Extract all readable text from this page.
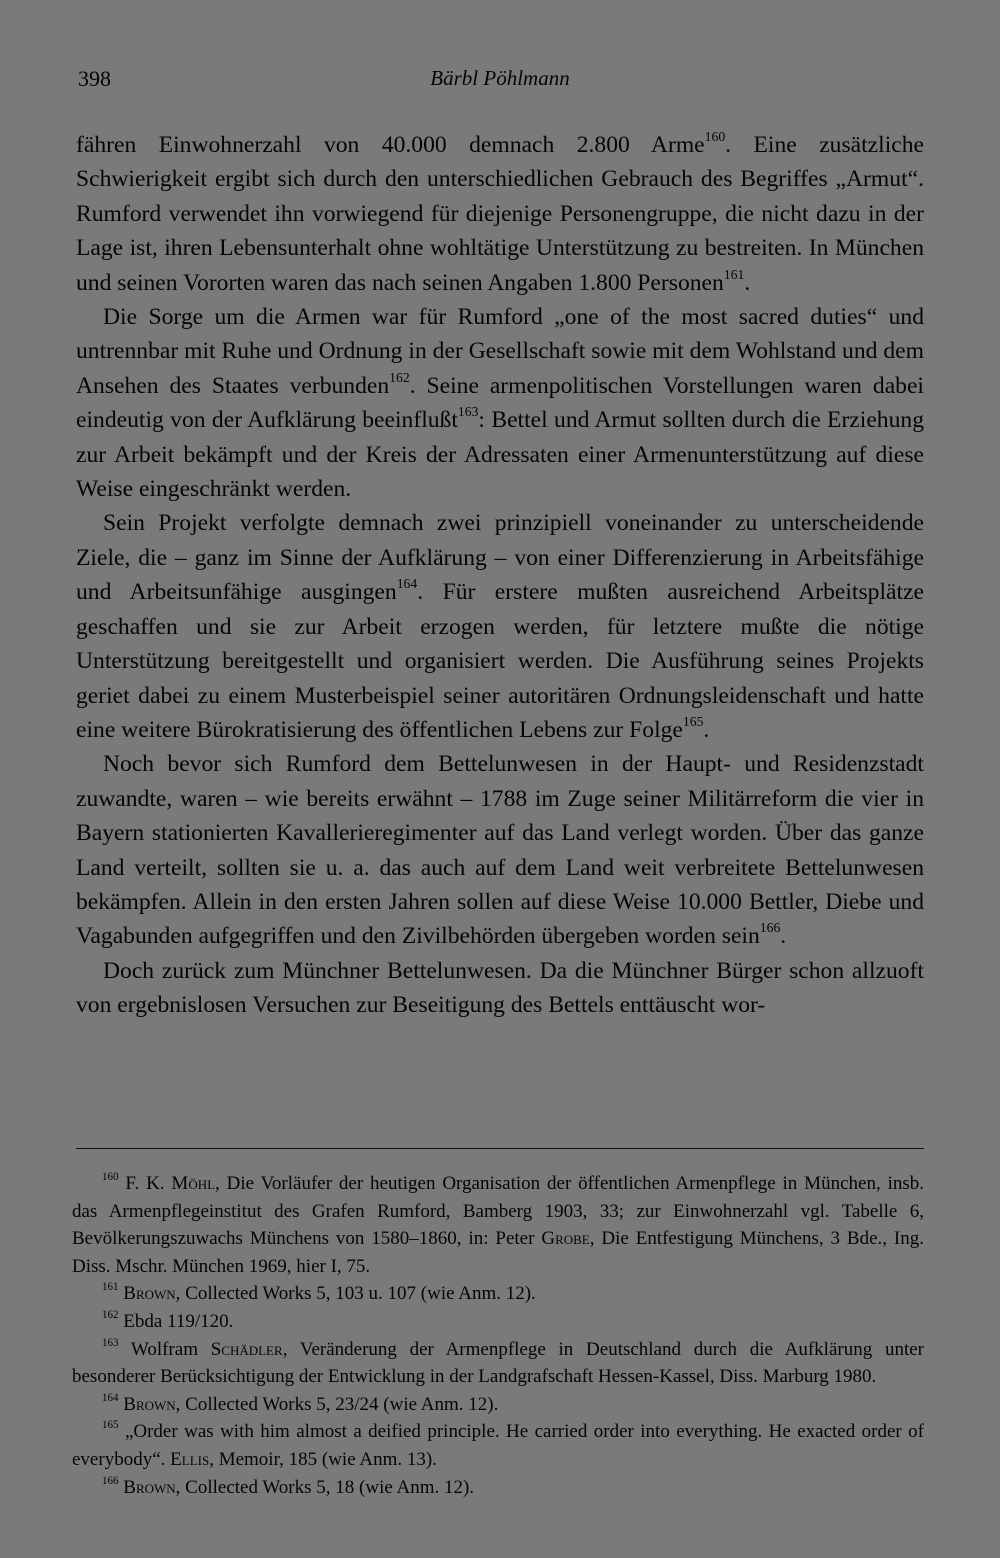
398	Bärbl Pöhlmann

fähren Einwohnerzahl von 40.000 demnach 2.800 Arme$^{160}$. Eine zusätzliche Schwierigkeit ergibt sich durch den unterschiedlichen Gebrauch des Begriffes „Armut“. Rumford verwendet ihn vorwiegend für diejenige Personengruppe, die nicht dazu in der Lage ist, ihren Lebensunterhalt ohne wohltätige Unterstützung zu bestreiten. In München und seinen Vororten waren das nach seinen Angaben 1.800 Personen$^{161}$.

Die Sorge um die Armen war für Rumford „one of the most sacred duties“ und untrennbar mit Ruhe und Ordnung in der Gesellschaft sowie mit dem Wohlstand und dem Ansehen des Staates verbunden$^{162}$. Seine armenpolitischen Vorstellungen waren dabei eindeutig von der Aufklärung beeinflußt$^{163}$: Bettel und Armut sollten durch die Erziehung zur Arbeit bekämpft und der Kreis der Adressaten einer Armenunterstützung auf diese Weise eingeschränkt werden.

Sein Projekt verfolgte demnach zwei prinzipiell voneinander zu unterscheidende Ziele, die – ganz im Sinne der Aufklärung – von einer Differenzierung in Arbeitsfähige und Arbeitsunfähige ausgingen$^{164}$. Für erstere mußten ausreichend Arbeitsplätze geschaffen und sie zur Arbeit erzogen werden, für letztere mußte die nötige Unterstützung bereitgestellt und organisiert werden. Die Ausführung seines Projekts geriet dabei zu einem Musterbeispiel seiner autoritären Ordnungsleidenschaft und hatte eine weitere Bürokratisierung des öffentlichen Lebens zur Folge$^{165}$.

Noch bevor sich Rumford dem Bettelunwesen in der Haupt- und Residenzstadt zuwandte, waren – wie bereits erwähnt – 1788 im Zuge seiner Militärreform die vier in Bayern stationierten Kavallerieregimenter auf das Land verlegt worden. Über das ganze Land verteilt, sollten sie u. a. das auch auf dem Land weit verbreitete Bettelunwesen bekämpfen. Allein in den ersten Jahren sollen auf diese Weise 10.000 Bettler, Diebe und Vagabunden aufgegriffen und den Zivilbehörden übergeben worden sein$^{166}$.

Doch zurück zum Münchner Bettelunwesen. Da die Münchner Bürger schon allzuoft von ergebnislosen Versuchen zur Beseitigung des Bettels enttäuscht wor-

$^{160}$ F. K. Möhl, Die Vorläufer der heutigen Organisation der öffentlichen Armenpflege in München, insb. das Armenpflegeinstitut des Grafen Rumford, Bamberg 1903, 33; zur Einwohnerzahl vgl. Tabelle 6, Bevölkerungszuwachs Münchens von 1580–1860, in: Peter Grobe, Die Entfestigung Münchens, 3 Bde., Ing. Diss. Mschr. München 1969, hier I, 75.

$^{161}$ Brown, Collected Works 5, 103 u. 107 (wie Anm. 12).

$^{162}$ Ebda 119/120.

$^{163}$ Wolfram Schädler, Veränderung der Armenpflege in Deutschland durch die Aufklärung unter besonderer Berücksichtigung der Entwicklung in der Landgrafschaft Hessen-Kassel, Diss. Marburg 1980.

$^{164}$ Brown, Collected Works 5, 23/24 (wie Anm. 12).

$^{165}$ „Order was with him almost a deified principle. He carried order into everything. He exacted order of everybody“. Ellis, Memoir, 185 (wie Anm. 13).

$^{166}$ Brown, Collected Works 5, 18 (wie Anm. 12).
